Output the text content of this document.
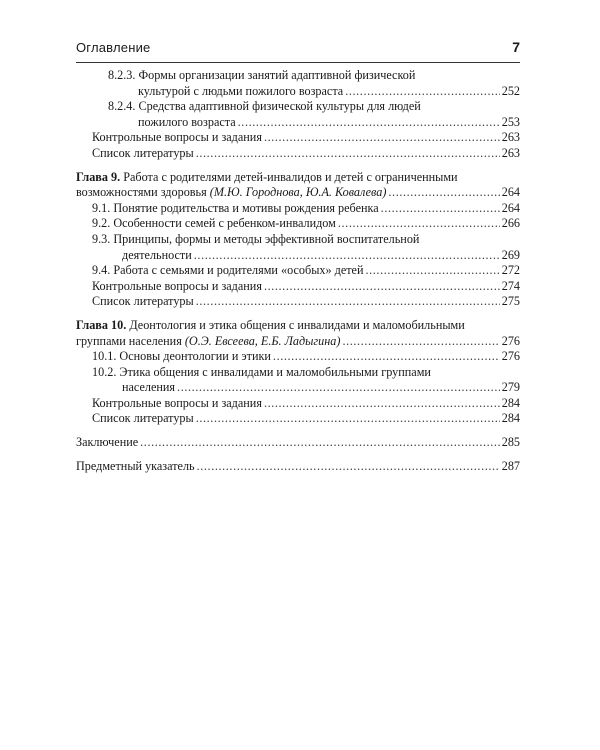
Оглавление	7
8.2.3. Формы организации занятий адаптивной физической
культурой с людьми пожилого возраста .....	252
8.2.4. Средства адаптивной физической культуры для людей
пожилого возраста .....	253
Контрольные вопросы и задания .....	263
Список литературы .....	263
Глава 9. Работа с родителями детей-инвалидов и детей с ограниченными
возможностями здоровья (М.Ю. Городнова, Ю.А. Ковалева) .....	264
9.1. Понятие родительства и мотивы рождения ребенка .....	264
9.2. Особенности семей с ребенком-инвалидом .....	266
9.3. Принципы, формы и методы эффективной воспитательной
деятельности .....	269
9.4. Работа с семьями и родителями «особых» детей .....	272
Контрольные вопросы и задания .....	274
Список литературы .....	275
Глава 10. Деонтология и этика общения с инвалидами и маломобильными
группами населения (О.Э. Евсеева, Е.Б. Ладыгина) .....	276
10.1. Основы деонтологии и этики .....	276
10.2. Этика общения с инвалидами и маломобильными группами
населения .....	279
Контрольные вопросы и задания .....	284
Список литературы .....	284
Заключение .....	285
Предметный указатель .....	287
